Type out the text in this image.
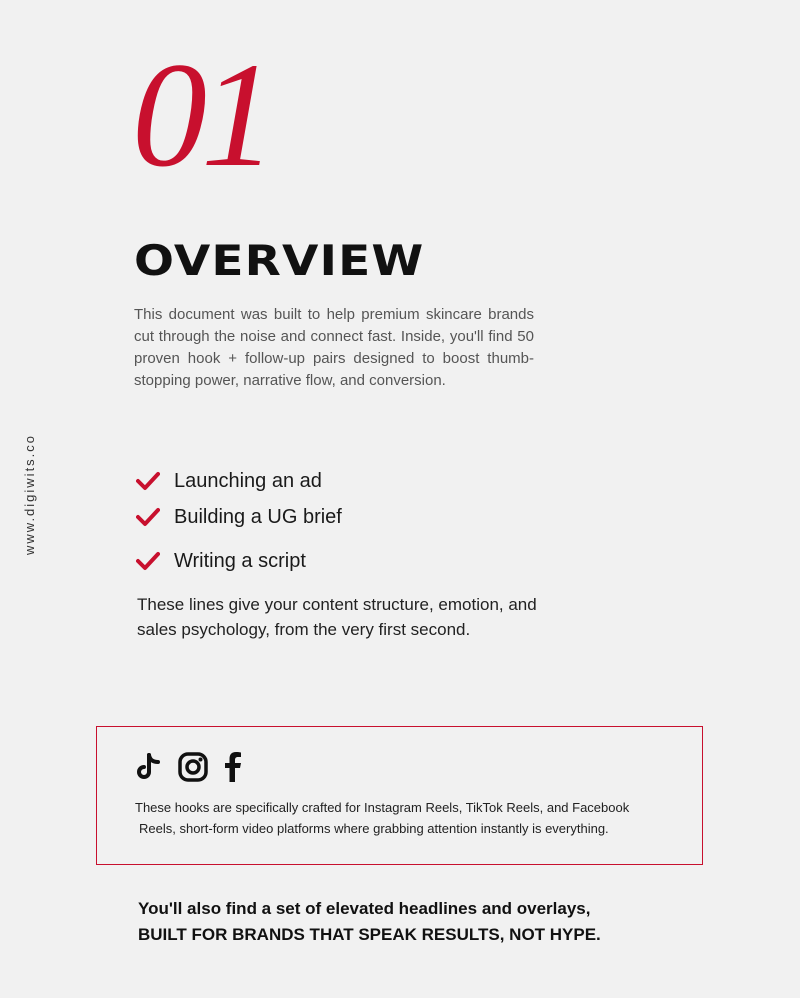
01
OVERVIEW
This document was built to help premium skincare brands cut through the noise and connect fast. Inside, you'll find 50 proven hook + follow-up pairs designed to boost thumb-stopping power, narrative flow, and conversion.
www.digiwits.co	Launching an ad
Building a UG brief
Writing a script
These lines give your content structure, emotion, and sales psychology, from the very first second.
These hooks are specifically crafted for Instagram Reels, TikTok Reels, and Facebook
Reels, short-form video platforms where grabbing attention instantly is everything.
You'll also find a set of elevated headlines and overlays,
BUILT FOR BRANDS THAT SPEAK RESULTS, NOT HYPE.
